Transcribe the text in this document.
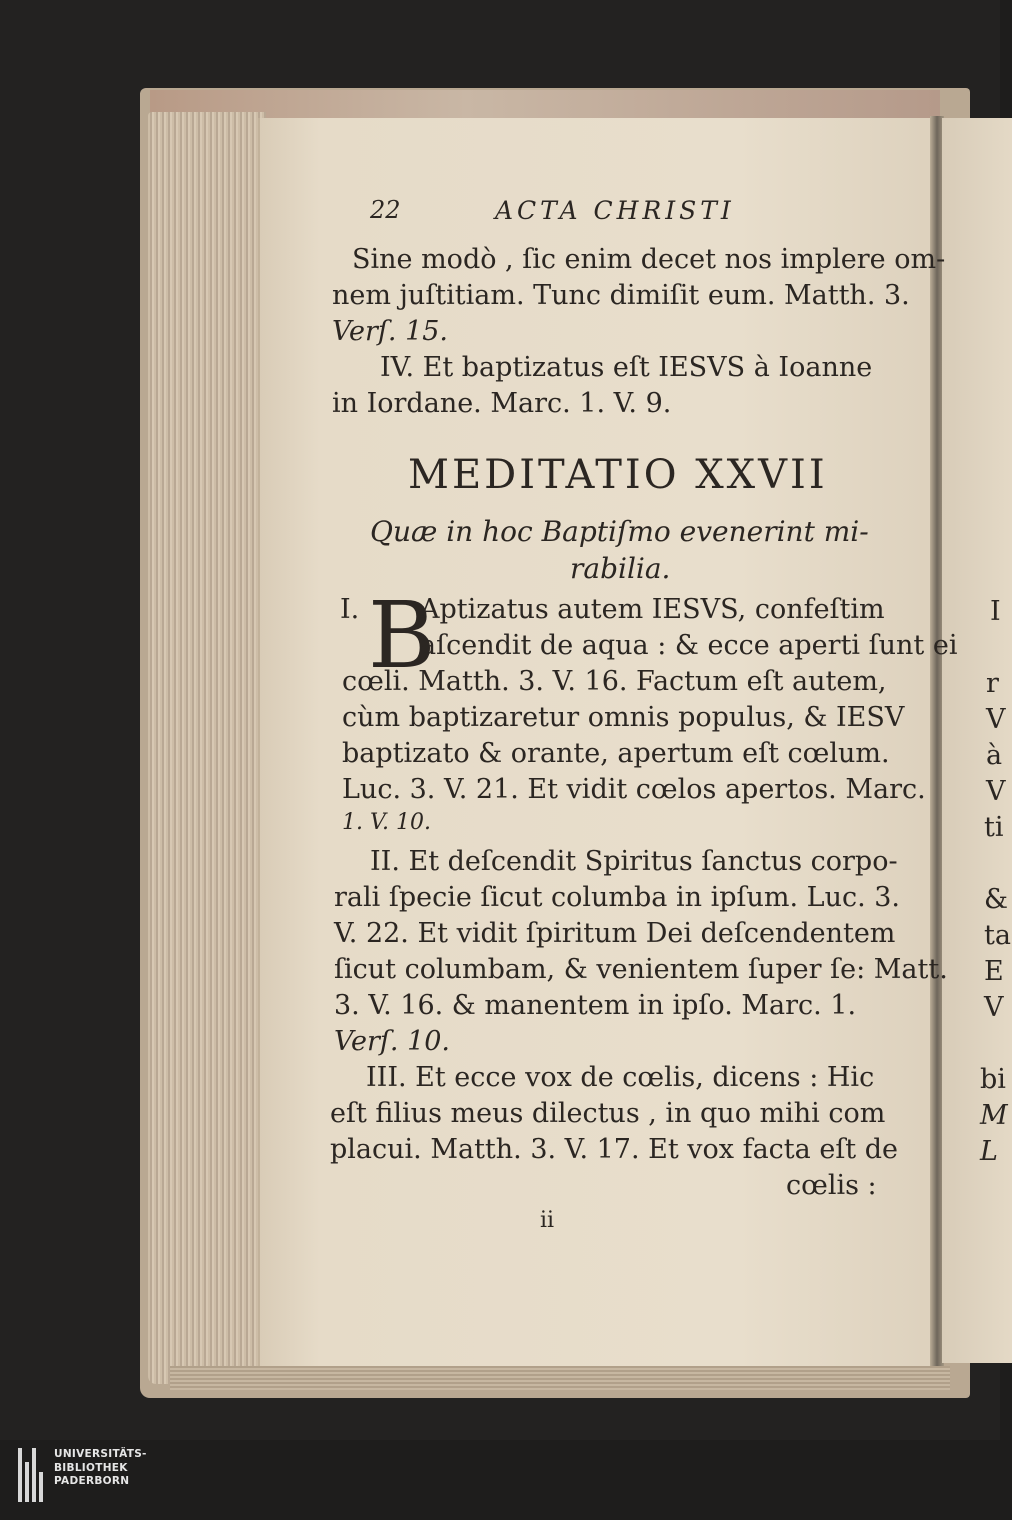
22	ACTA CHRISTI
Sine modò , ſic enim decet nos implere om-
nem juſtitiam. Tunc dimiſit eum. Matth. 3.
Verſ. 15.
IV. Et baptizatus eſt IESVS à Ioanne
in Iordane. Marc. 1. V. 9.
MEDITATIO XXVII
Quæ in hoc Baptiſmo evenerint mi-
rabilia.
I. B
Aptizatus autem IESVS, confeſtim
aſcendit de aqua : & ecce aperti ſunt ei
cœli. Matth. 3. V. 16. Factum eſt autem,
cùm baptizaretur omnis populus, & IESV
baptizato & orante, apertum eſt cœlum.
Luc. 3. V. 21. Et vidit cœlos apertos. Marc.
1. V. 10.
II. Et deſcendit Spiritus ſanctus corpo-
rali ſpecie ſicut columba in ipſum. Luc. 3.
V. 22. Et vidit ſpiritum Dei deſcendentem
ſicut columbam, & venientem ſuper ſe: Matt.
3. V. 16. & manentem in ipſo. Marc. 1.
Verſ. 10.
III. Et ecce vox de cœlis, dicens : Hic
eſt filius meus dilectus , in quo mihi com
placui. Matth. 3. V. 17. Et vox facta eſt de
cœlis :
ii
I
r
V
à
V
ti
&
ta
E
V
bi
M
L
UNIVERSITÄTS-
BIBLIOTHEK
PADERBORN
